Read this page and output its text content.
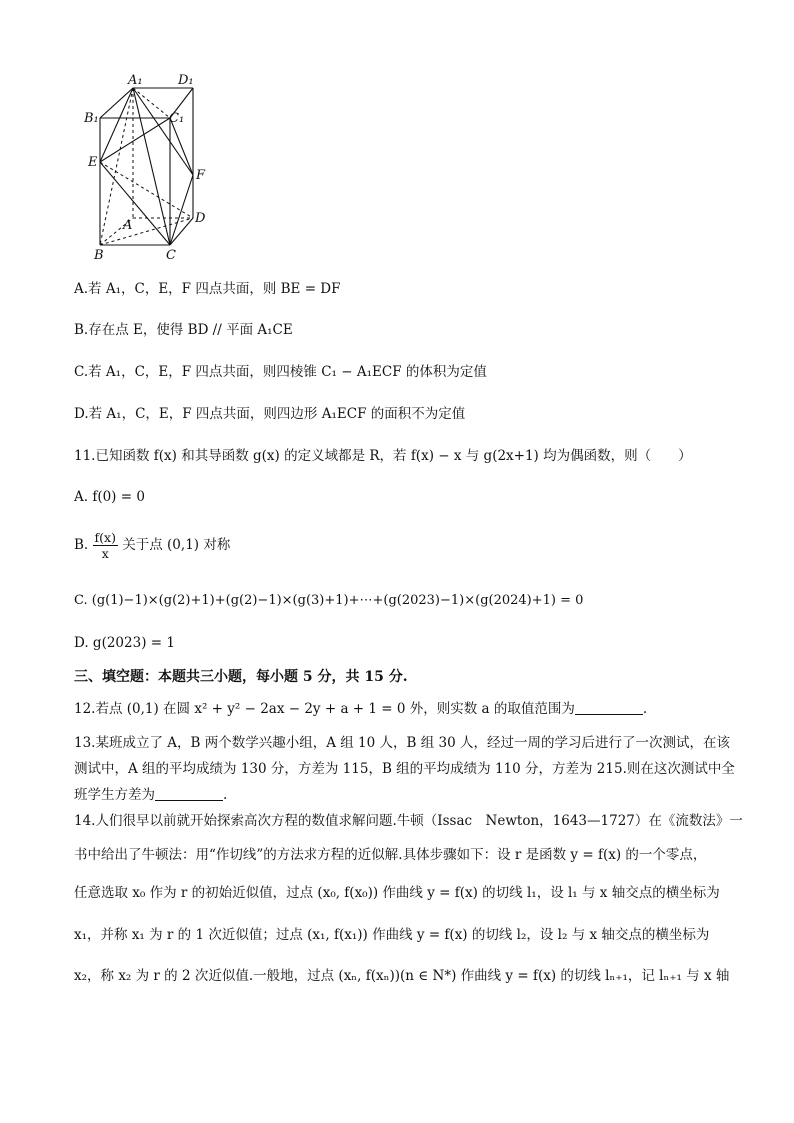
A₁	D₁
B₁	C₁
E
F
D
A
B	C
A.若 A₁，C，E，F 四点共面，则 BE = DF
B.存在点 E，使得 BD // 平面 A₁CE
C.若 A₁，C，E，F 四点共面，则四棱锥 C₁ − A₁ECF 的体积为定值
D.若 A₁，C，E，F 四点共面，则四边形 A₁ECF 的面积不为定值
11.已知函数 f(x) 和其导函数 g(x) 的定义域都是 R，若 f(x) − x 与 g(2x+1) 均为偶函数，则（　　）
A. f(0) = 0
B. $\frac{f(x)}{x}$ 关于点 (0,1) 对称
C. (g(1)−1)×(g(2)+1)+(g(2)−1)×(g(3)+1)+⋯+(g(2023)−1)×(g(2024)+1) = 0
D. g(2023) = 1
三、填空题：本题共三小题，每小题 5 分，共 15 分.
12.若点 (0,1) 在圆 x² + y² − 2ax − 2y + a + 1 = 0 外，则实数 a 的取值范围为	.
13.某班成立了 A，B 两个数学兴趣小组，A 组 10 人，B 组 30 人，经过一周的学习后进行了一次测试，在该
测试中，A 组的平均成绩为 130 分，方差为 115，B 组的平均成绩为 110 分，方差为 215.则在这次测试中全
班学生方差为	.
14.人们很早以前就开始探索高次方程的数值求解问题.牛顿（Issac　Newton，1643—1727）在《流数法》一
书中给出了牛顿法：用“作切线”的方法求方程的近似解.具体步骤如下：设 r 是函数 y = f(x) 的一个零点，
任意选取 x₀ 作为 r 的初始近似值，过点 (x₀, f(x₀)) 作曲线 y = f(x) 的切线 l₁，设 l₁ 与 x 轴交点的横坐标为
x₁，并称 x₁ 为 r 的 1 次近似值；过点 (x₁, f(x₁)) 作曲线 y = f(x) 的切线 l₂，设 l₂ 与 x 轴交点的横坐标为
x₂，称 x₂ 为 r 的 2 次近似值.一般地，过点 (xₙ, f(xₙ))(n ∈ N*) 作曲线 y = f(x) 的切线 lₙ₊₁，记 lₙ₊₁ 与 x 轴
